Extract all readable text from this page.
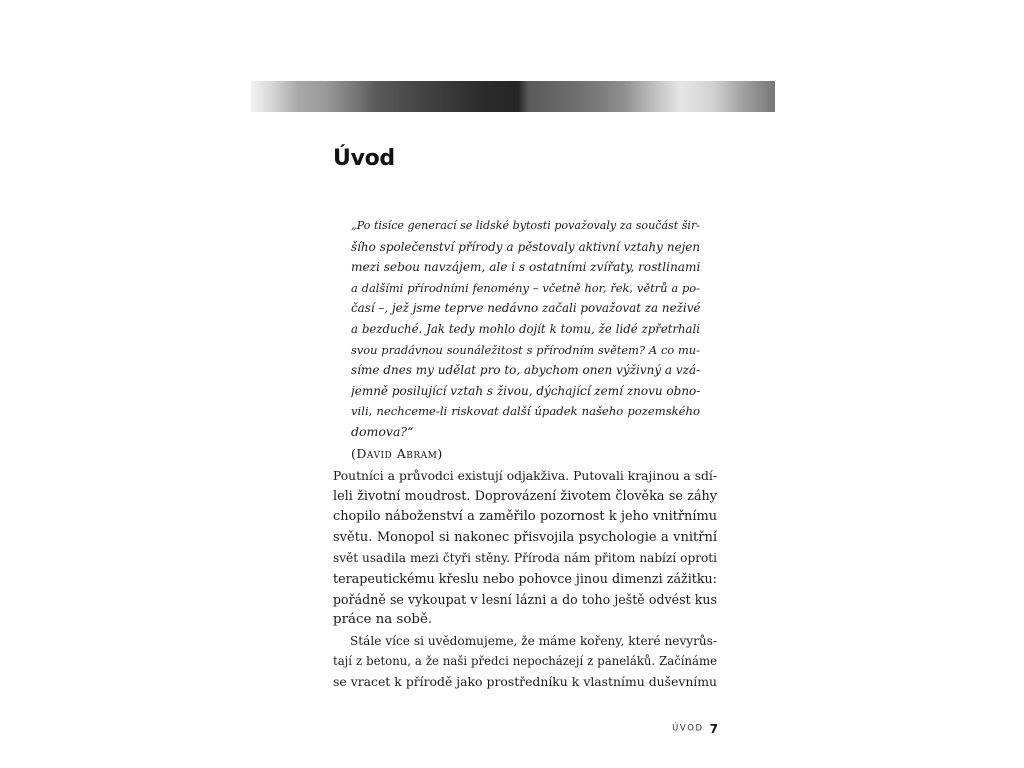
Úvod
„Po tisíce generací se lidské bytosti považovaly za součást šir-
šího společenství přírody a pěstovaly aktivní vztahy nejen
mezi sebou navzájem, ale i s ostatními zvířaty, rostlinami
a dalšími přírodními fenomény – včetně hor, řek, větrů a po-
časí –, jež jsme teprve nedávno začali považovat za neživé
a bezduché. Jak tedy mohlo dojít k tomu, že lidé zpřetrhali
svou pradávnou sounáležitost s přírodním světem? A co mu-
síme dnes my udělat pro to, abychom onen výživný a vzá-
jemně posilující vztah s živou, dýchající zemí znovu obno-
vili, nechceme-li riskovat další úpadek našeho pozemského
domova?“
(David Abram)
Poutníci a průvodci existují odjakživa. Putovali krajinou a sdí-
leli životní moudrost. Doprovázení životem člověka se záhy
chopilo náboženství a zaměřilo pozornost k jeho vnitřnímu
světu. Monopol si nakonec přisvojila psychologie a vnitřní
svět usadila mezi čtyři stěny. Příroda nám přitom nabízí oproti
terapeutickému křeslu nebo pohovce jinou dimenzi zážitku:
pořádně se vykoupat v lesní lázni a do toho ještě odvést kus
práce na sobě.
Stále více si uvědomujeme, že máme kořeny, které nevyrůs-
tají z betonu, a že naši předci nepocházejí z paneláků. Začínáme
se vracet k přírodě jako prostředníku k vlastnímu duševnímu
ÚVOD 7
